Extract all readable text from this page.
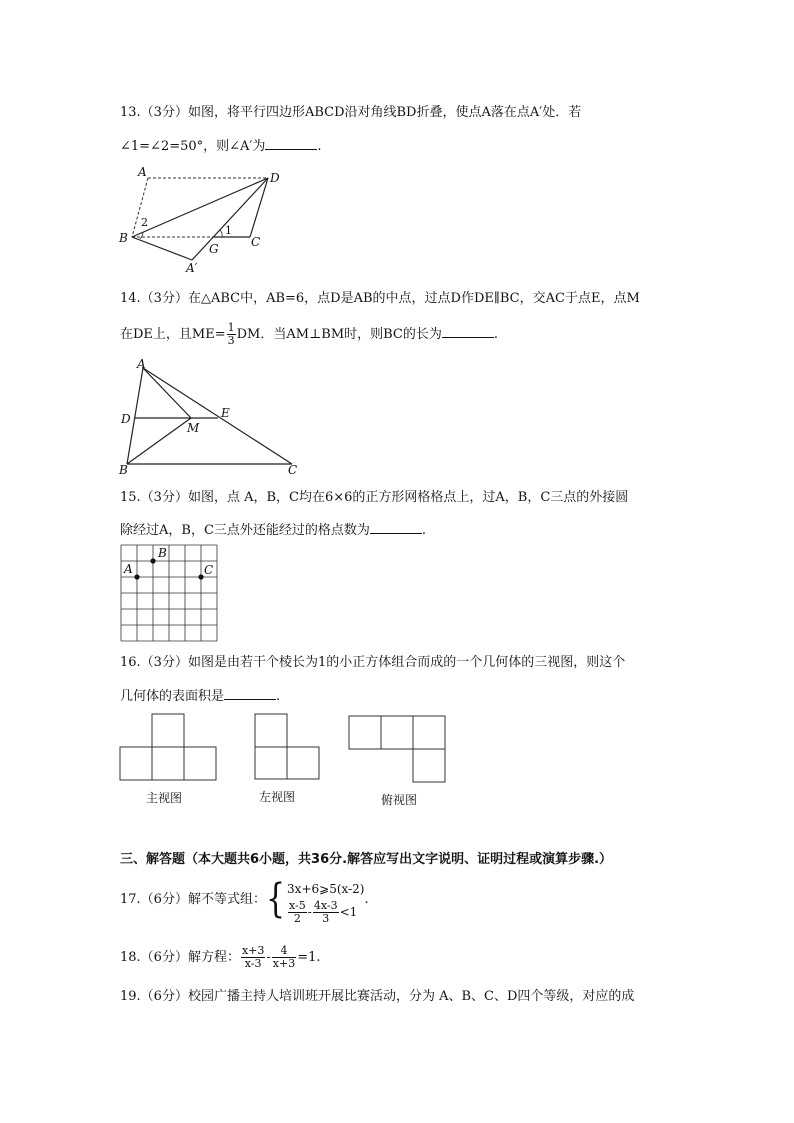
13.（3分）如图，将平行四边形ABCD沿对角线BD折叠，使点A落在点A′处．若
∠1=∠2=50°，则∠A′为	.
A	D
B	C
G
A′
1
2
14.（3分）在△ABC中，AB=6，点D是AB的中点，过点D作DE∥BC，交AC于点E，点M
在DE上，且$ME= \frac{1}{3}$ DM．当AM⊥BM时，则BC的长为	.
A
D	E
M
B	C
15.（3分）如图，点 A，B，C均在6×6的正方形网格格点上，过A，B，C三点的外接圆
除经过A，B，C三点外还能经过的格点数为	.
A
B
C
16.（3分）如图是由若干个棱长为1的小正方体组合而成的一个几何体的三视图，则这个
几何体的表面积是	.
主视图	左视图	俯视图
三、解答题（本大题共6小题，共36分.解答应写出文字说明、证明过程或演算步骤.）
17.（6分）解不等式组：{ 3x+6⩾5(x-2)
$\frac{x-5}{2} - \frac{4x-3}{3} <1$
.
18.（6分）解方程： $\frac{x+3}{x-3} - \frac{4}{x+3} =1$.
19.（6分）校园广播主持人培训班开展比赛活动，分为 A、B、C、D四个等级，对应的成
